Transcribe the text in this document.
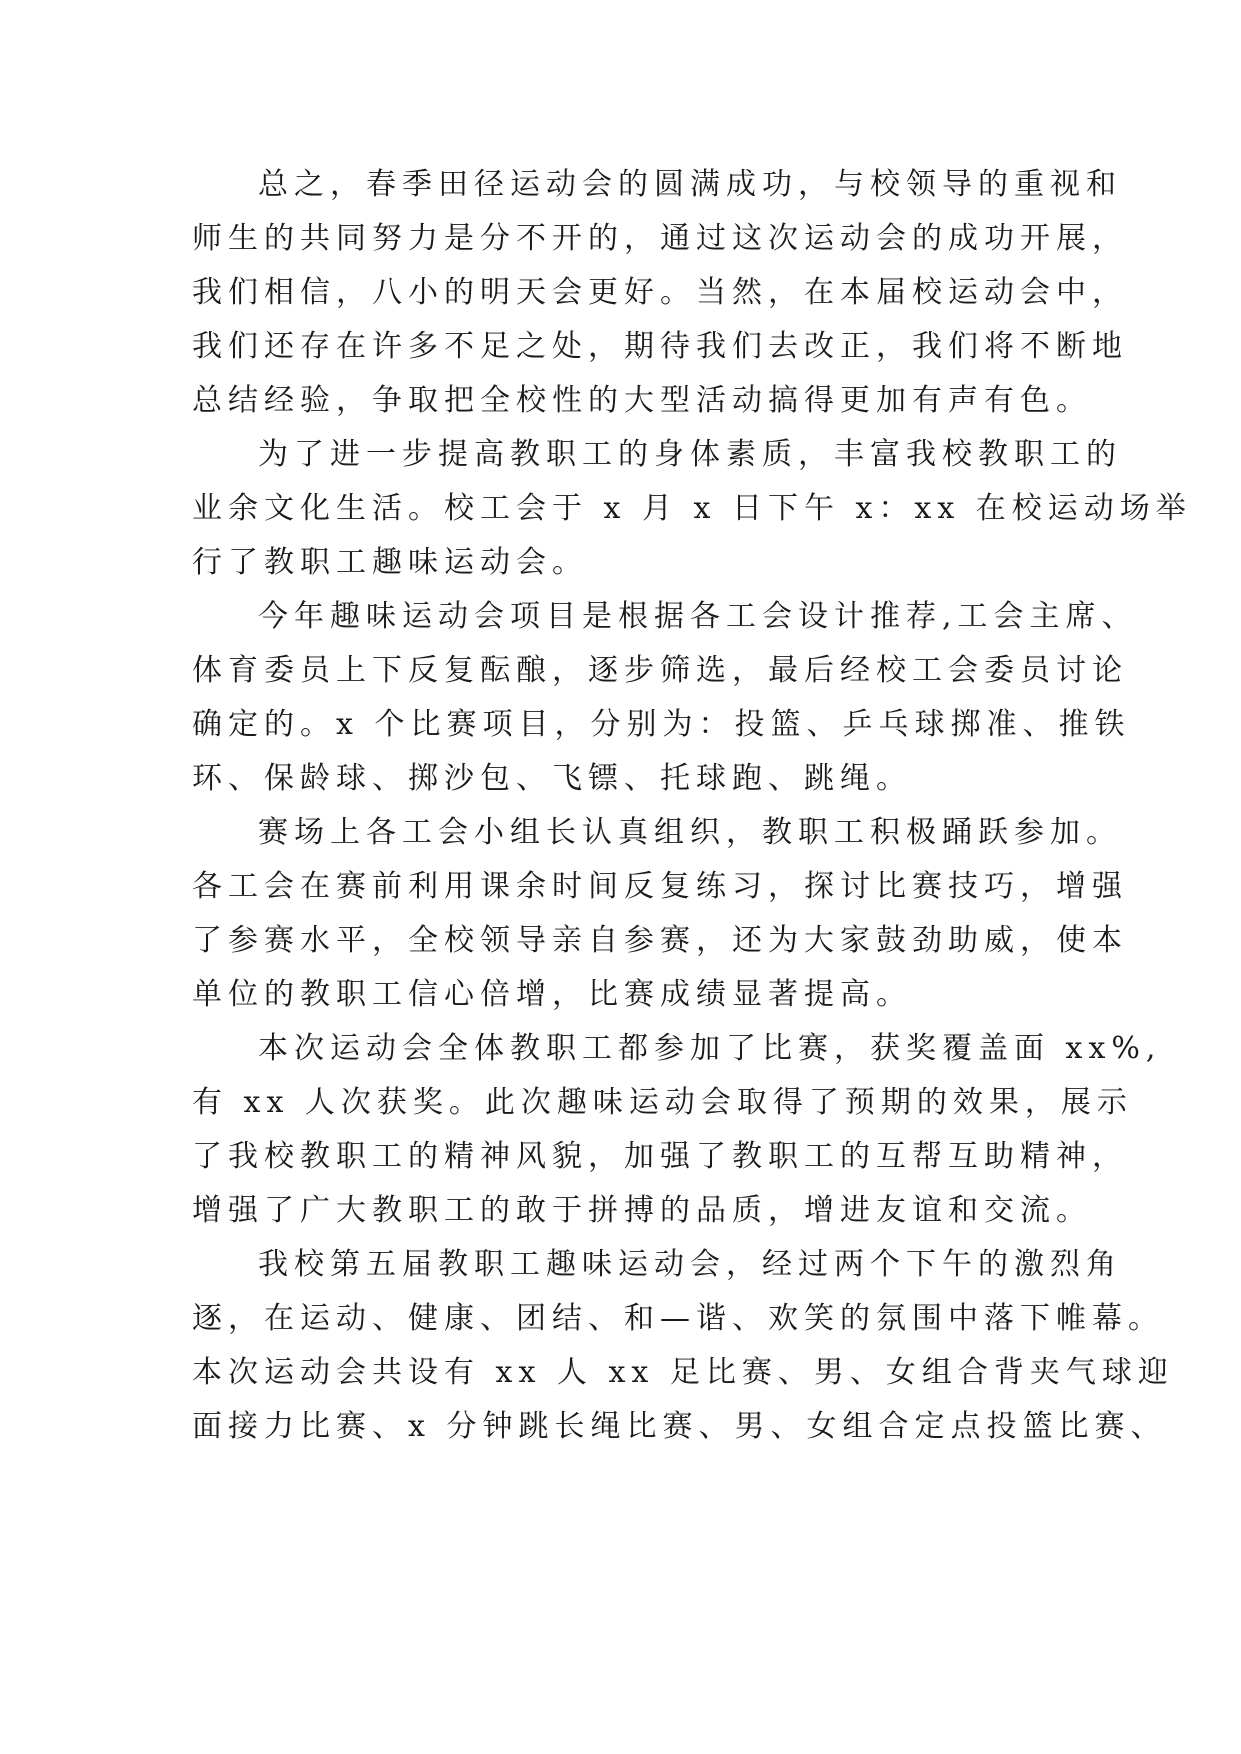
总之，春季田径运动会的圆满成功，与校领导的重视和
师生的共同努力是分不开的，通过这次运动会的成功开展，
我们相信，八小的明天会更好。当然，在本届校运动会中，
我们还存在许多不足之处，期待我们去改正，我们将不断地
总结经验，争取把全校性的大型活动搞得更加有声有色。
为了进一步提高教职工的身体素质，丰富我校教职工的
业余文化生活。校工会于 x 月 x 日下午 x：xx 在校运动场举
行了教职工趣味运动会。
今年趣味运动会项目是根据各工会设计推荐,工会主席、
体育委员上下反复酝酿，逐步筛选，最后经校工会委员讨论
确定的。x 个比赛项目，分别为：投篮、乒乓球掷准、推铁
环、保龄球、掷沙包、飞镖、托球跑、跳绳。
赛场上各工会小组长认真组织，教职工积极踊跃参加。
各工会在赛前利用课余时间反复练习，探讨比赛技巧，增强
了参赛水平，全校领导亲自参赛，还为大家鼓劲助威，使本
单位的教职工信心倍增，比赛成绩显著提高。
本次运动会全体教职工都参加了比赛，获奖覆盖面 xx%,
有 xx 人次获奖。此次趣味运动会取得了预期的效果，展示
了我校教职工的精神风貌，加强了教职工的互帮互助精神，
增强了广大教职工的敢于拼搏的品质，增进友谊和交流。
我校第五届教职工趣味运动会，经过两个下午的激烈角
逐，在运动、健康、团结、和—谐、欢笑的氛围中落下帷幕。
本次运动会共设有 xx 人 xx 足比赛、男、女组合背夹气球迎
面接力比赛、x 分钟跳长绳比赛、男、女组合定点投篮比赛、
